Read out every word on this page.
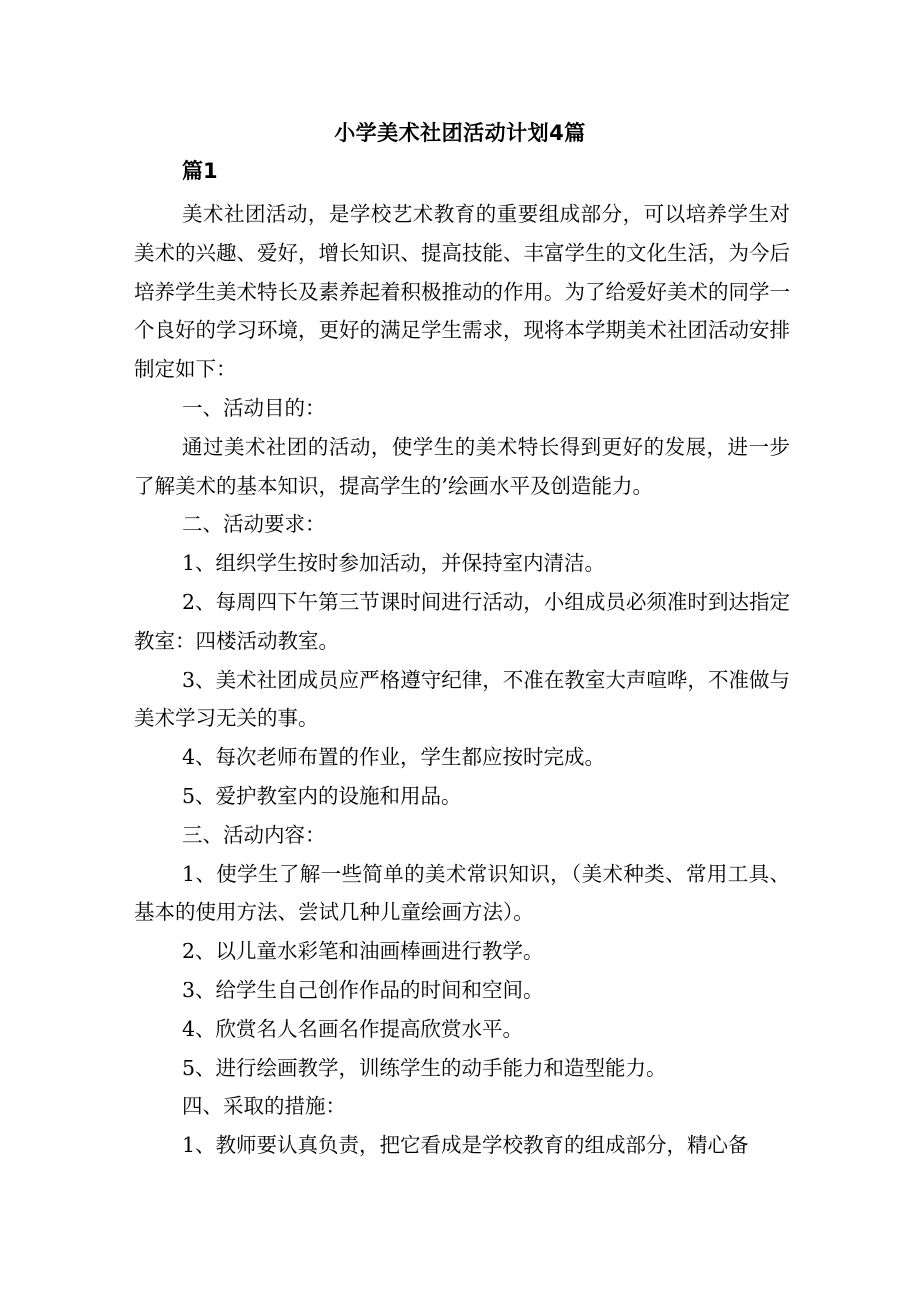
小学美术社团活动计划4篇
篇1

美术社团活动，是学校艺术教育的重要组成部分，可以培养学生对美术的兴趣、爱好，增长知识、提高技能、丰富学生的文化生活，为今后培养学生美术特长及素养起着积极推动的作用。为了给爱好美术的同学一个良好的学习环境，更好的满足学生需求，现将本学期美术社团活动安排制定如下：

一、活动目的：

通过美术社团的活动，使学生的美术特长得到更好的发展，进一步了解美术的基本知识，提高学生的’绘画水平及创造能力。

二、活动要求：

1、组织学生按时参加活动，并保持室内清洁。

2、每周四下午第三节课时间进行活动，小组成员必须准时到达指定教室：四楼活动教室。

3、美术社团成员应严格遵守纪律，不准在教室大声喧哗，不准做与美术学习无关的事。

4、每次老师布置的作业，学生都应按时完成。

5、爱护教室内的设施和用品。

三、活动内容：

1、使学生了解一些简单的美术常识知识，（美术种类、常用工具、基本的使用方法、尝试几种儿童绘画方法）。

2、以儿童水彩笔和油画棒画进行教学。

3、给学生自己创作作品的时间和空间。

4、欣赏名人名画名作提高欣赏水平。

5、进行绘画教学，训练学生的动手能力和造型能力。

四、采取的措施：

1、教师要认真负责，把它看成是学校教育的组成部分，精心备
